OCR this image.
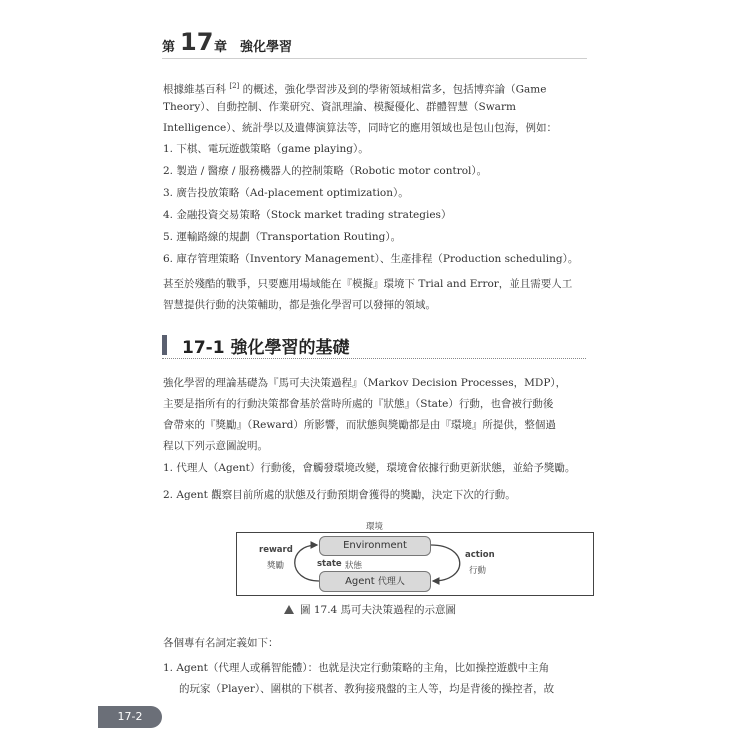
第 17 章 強化學習
根據維基百科 [2] 的概述，強化學習涉及到的學術領域相當多，包括博弈論（Game
Theory）、自動控制、作業研究、資訊理論、模擬優化、群體智慧（Swarm
Intelligence）、統計學以及遺傳演算法等，同時它的應用領域也是包山包海，例如：
1. 下棋、電玩遊戲策略（game playing）。
2. 製造 / 醫療 / 服務機器人的控制策略（Robotic motor control）。
3. 廣告投放策略（Ad-placement optimization）。
4. 金融投資交易策略（Stock market trading strategies）
5. 運輸路線的規劃（Transportation Routing）。
6. 庫存管理策略（Inventory Management）、生產排程（Production scheduling）。
甚至於殘酷的戰爭，只要應用場域能在『模擬』環境下 Trial and Error，並且需要人工
智慧提供行動的決策輔助，都是強化學習可以發揮的領域。
17-1 強化學習的基礎
強化學習的理論基礎為『馬可夫決策過程』（Markov Decision Processes，MDP），
主要是指所有的行動決策都會基於當時所處的『狀態』（State）行動，也會被行動後
會帶來的『獎勵』（Reward）所影響，而狀態與獎勵都是由『環境』所提供，整個過
程以下列示意圖說明。
1. 代理人（Agent）行動後，會觸發環境改變，環境會依據行動更新狀態，並給予獎勵。
2. Agent 觀察目前所處的狀態及行動預期會獲得的獎勵，決定下次的行動。
環境
Environment
Agent 代理人
reward
獎勵	state 狀態
action
行動
圖 17.4 馬可夫決策過程的示意圖
各個專有名詞定義如下：
1. Agent（代理人或稱智能體）：也就是決定行動策略的主角，比如操控遊戲中主角
的玩家（Player）、圍棋的下棋者、教狗接飛盤的主人等，均是背後的操控者，故
17-2
